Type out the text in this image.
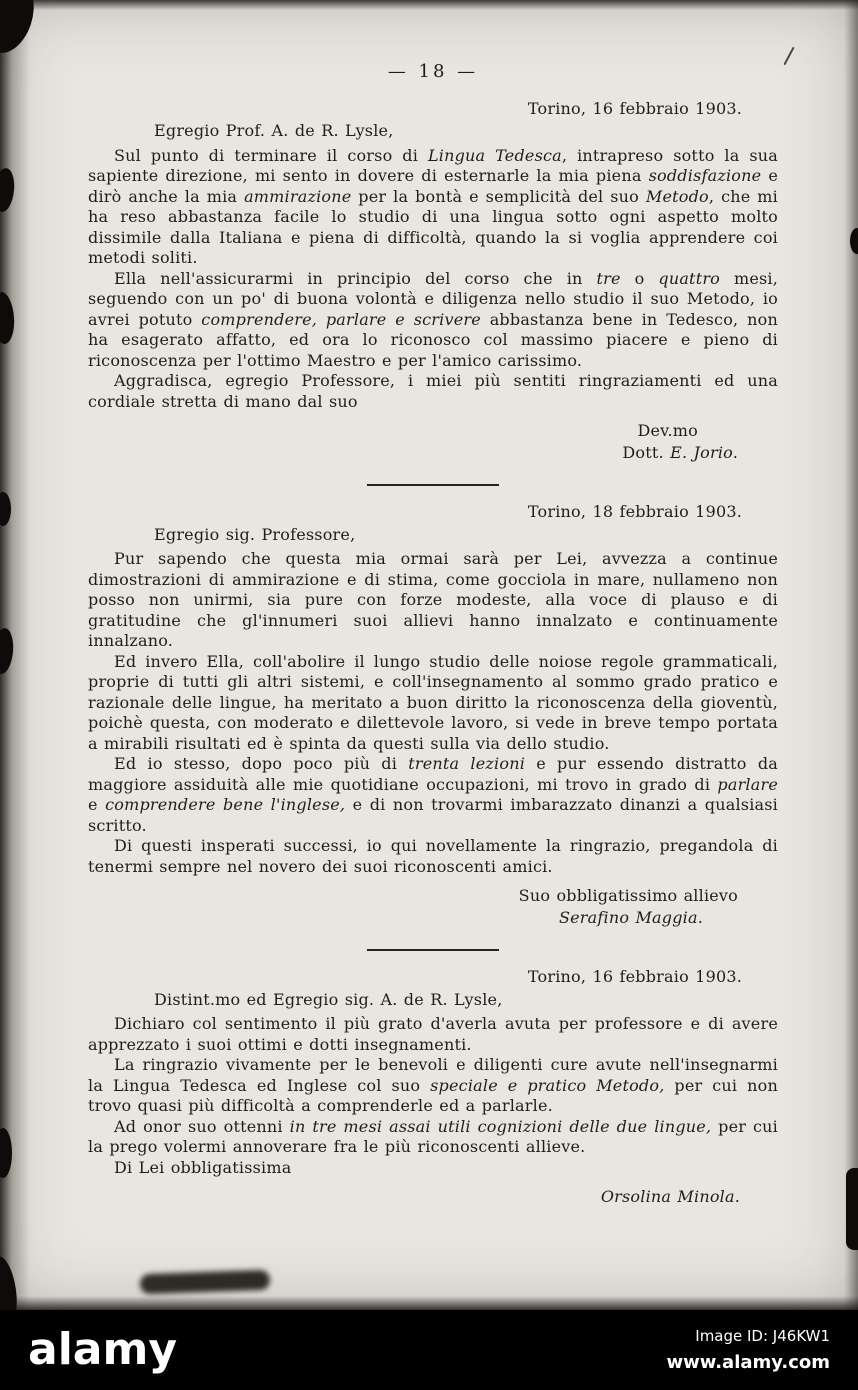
— 18 —
Torino, 16 febbraio 1903.
Egregio Prof. A. de R. Lysle,

Sul punto di terminare il corso di Lingua Tedesca, intrapreso sotto la sua sapiente direzione, mi sento in dovere di esternarle la mia piena soddisfazione e dirò anche la mia ammirazione per la bontà e semplicità del suo Metodo, che mi ha reso abbastanza facile lo studio di una lingua sotto ogni aspetto molto dissimile dalla Italiana e piena di difficoltà, quando la si voglia apprendere coi metodi soliti.

Ella nell'assicurarmi in principio del corso che in tre o quattro mesi, seguendo con un po' di buona volontà e diligenza nello studio il suo Metodo, io avrei potuto comprendere, parlare e scrivere abbastanza bene in Tedesco, non ha esagerato affatto, ed ora lo riconosco col massimo piacere e pieno di riconoscenza per l'ottimo Maestro e per l'amico carissimo.

Aggradisca, egregio Professore, i miei più sentiti ringraziamenti ed una cordiale stretta di mano dal suo

Dev.mo
Dott. E. Jorio.
Torino, 18 febbraio 1903.
Egregio sig. Professore,

Pur sapendo che questa mia ormai sarà per Lei, avvezza a continue dimostrazioni di ammirazione e di stima, come gocciola in mare, nullameno non posso non unirmi, sia pure con forze modeste, alla voce di plauso e di gratitudine che gl'innumeri suoi allievi hanno innalzato e continuamente innalzano.

Ed invero Ella, coll'abolire il lungo studio delle noiose regole grammaticali, proprie di tutti gli altri sistemi, e coll'insegnamento al sommo grado pratico e razionale delle lingue, ha meritato a buon diritto la riconoscenza della gioventù, poichè questa, con moderato e dilettevole lavoro, si vede in breve tempo portata a mirabili risultati ed è spinta da questi sulla via dello studio.

Ed io stesso, dopo poco più di trenta lezioni e pur essendo distratto da maggiore assiduità alle mie quotidiane occupazioni, mi trovo in grado di parlare e comprendere bene l'inglese, e di non trovarmi imbarazzato dinanzi a qualsiasi scritto.

Di questi insperati successi, io qui novellamente la ringrazio, pregandola di tenermi sempre nel novero dei suoi riconoscenti amici.

Suo obbligatissimo allievo
Serafino Maggia.
Torino, 16 febbraio 1903.
Distint.mo ed Egregio sig. A. de R. Lysle,

Dichiaro col sentimento il più grato d'averla avuta per professore e di avere apprezzato i suoi ottimi e dotti insegnamenti.

La ringrazio vivamente per le benevoli e diligenti cure avute nell'insegnarmi la Lingua Tedesca ed Inglese col suo speciale e pratico Metodo, per cui non trovo quasi più difficoltà a comprenderle ed a parlarle.

Ad onor suo ottenni in tre mesi assai utili cognizioni delle due lingue, per cui la prego volermi annoverare fra le più riconoscenti allieve.

Di Lei obbligatissima

Orsolina Minola.
alamy	Image ID: J46KW1
www.alamy.com
